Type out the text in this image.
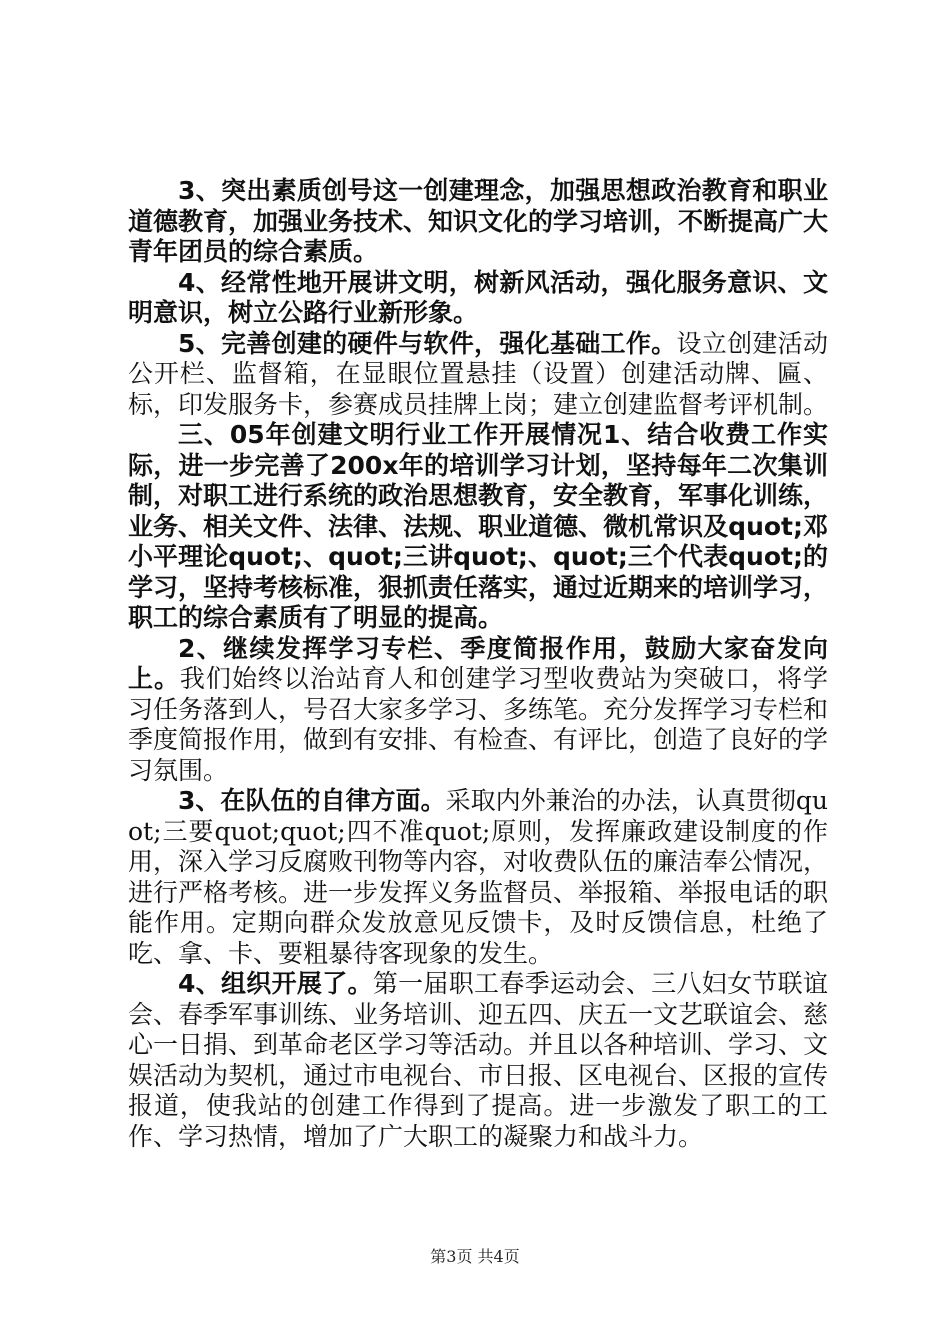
3、突出素质创号这一创建理念，加强思想政治教育和职业道德教育，加强业务技术、知识文化的学习培训，不断提高广大青年团员的综合素质。

4、经常性地开展讲文明，树新风活动，强化服务意识、文明意识，树立公路行业新形象。

5、完善创建的硬件与软件，强化基础工作。设立创建活动公开栏、监督箱，在显眼位置悬挂（设置）创建活动牌、匾、标，印发服务卡，参赛成员挂牌上岗；建立创建监督考评机制。

三、05年创建文明行业工作开展情况1、结合收费工作实际，进一步完善了200x年的培训学习计划，坚持每年二次集训制，对职工进行系统的政治思想教育，安全教育，军事化训练，业务、相关文件、法律、法规、职业道德、微机常识及quot;邓小平理论quot;、quot;三讲quot;、quot;三个代表quot;的学习，坚持考核标准，狠抓责任落实，通过近期来的培训学习，职工的综合素质有了明显的提高。

2、继续发挥学习专栏、季度简报作用，鼓励大家奋发向上。我们始终以治站育人和创建学习型收费站为突破口，将学习任务落到人，号召大家多学习、多练笔。充分发挥学习专栏和季度简报作用，做到有安排、有检查、有评比，创造了良好的学习氛围。

3、在队伍的自律方面。采取内外兼治的办法，认真贯彻quot;三要quot;quot;四不准quot;原则，发挥廉政建设制度的作用，深入学习反腐败刊物等内容，对收费队伍的廉洁奉公情况，进行严格考核。进一步发挥义务监督员、举报箱、举报电话的职能作用。定期向群众发放意见反馈卡，及时反馈信息，杜绝了吃、拿、卡、要粗暴待客现象的发生。

4、组织开展了。第一届职工春季运动会、三八妇女节联谊会、春季军事训练、业务培训、迎五四、庆五一文艺联谊会、慈心一日捐、到革命老区学习等活动。并且以各种培训、学习、文娱活动为契机，通过市电视台、市日报、区电视台、区报的宣传报道，使我站的创建工作得到了提高。进一步激发了职工的工作、学习热情，增加了广大职工的凝聚力和战斗力。

第3页 共4页
